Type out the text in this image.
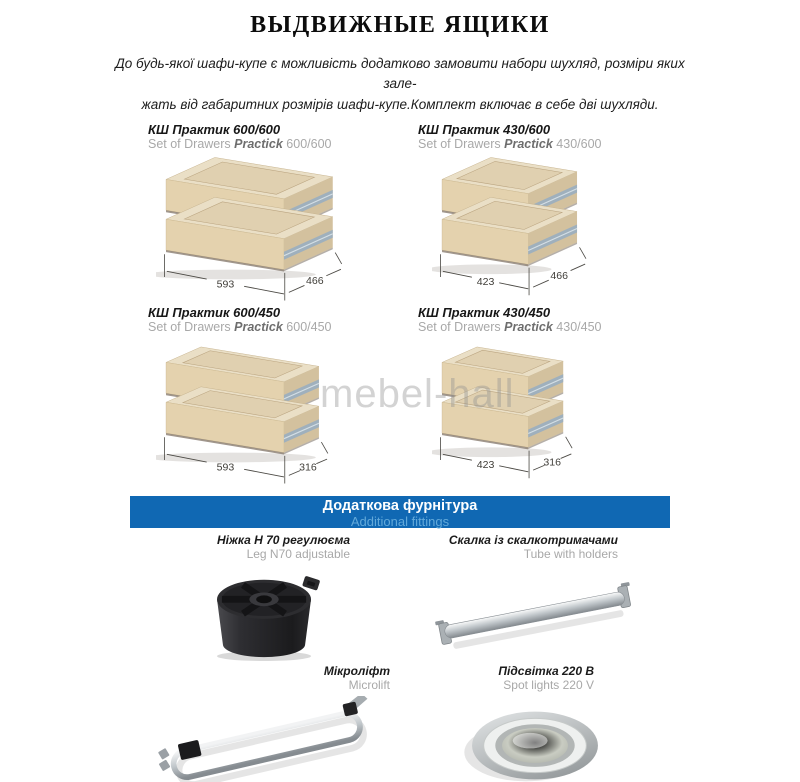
ВЫДВИЖНЫЕ ЯЩИКИ
До будь-якої шафи-купе є можливість додатково замовити набори шухляд, розміри яких зале-
жать від габаритних розмірів шафи-купе.Комплект включає в себе дві шухляди.
mebel-hall
КШ Практик 600/600
Set of Drawers Practick 600/600
593	466
КШ Практик 430/600
Set of Drawers Practick 430/600
423
466
КШ Практик 600/450
Set of Drawers Practick 600/450
593	316
КШ Практик 430/450
Set of Drawers Practick 430/450
423	316
Додаткова фурнітура
Additional fittings
Ніжка Н 70 регулюєма
Leg N70 adjustable
Скалка із скалкотримачами
Tube with holders
Мікроліфт
Microlift
Підсвітка 220 В
Spot lights 220 V
